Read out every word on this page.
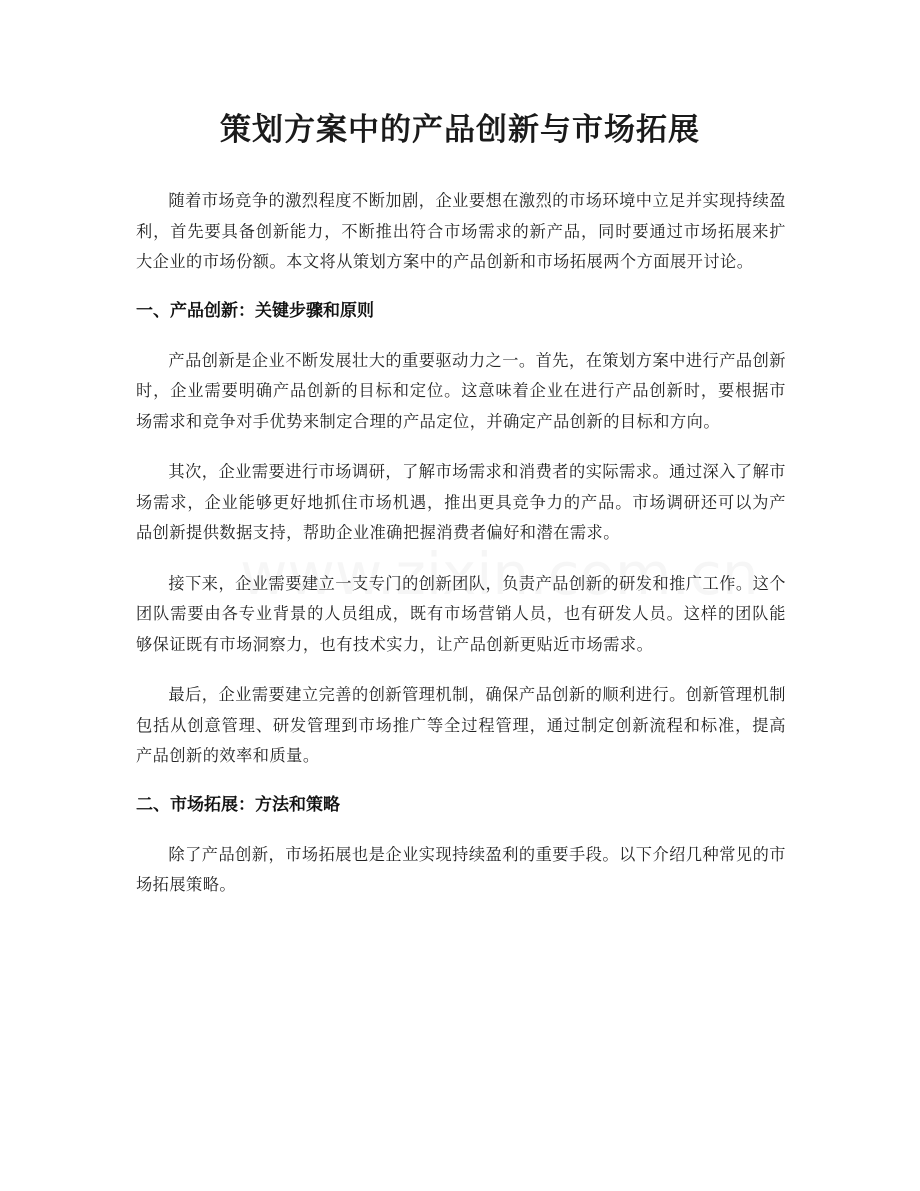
策划方案中的产品创新与市场拓展

随着市场竞争的激烈程度不断加剧，企业要想在激烈的市场环境中立足并实现持续盈利，首先要具备创新能力，不断推出符合市场需求的新产品，同时要通过市场拓展来扩大企业的市场份额。本文将从策划方案中的产品创新和市场拓展两个方面展开讨论。

一、产品创新：关键步骤和原则

产品创新是企业不断发展壮大的重要驱动力之一。首先，在策划方案中进行产品创新时，企业需要明确产品创新的目标和定位。这意味着企业在进行产品创新时，要根据市场需求和竞争对手优势来制定合理的产品定位，并确定产品创新的目标和方向。

其次，企业需要进行市场调研，了解市场需求和消费者的实际需求。通过深入了解市场需求，企业能够更好地抓住市场机遇，推出更具竞争力的产品。市场调研还可以为产品创新提供数据支持，帮助企业准确把握消费者偏好和潜在需求。

接下来，企业需要建立一支专门的创新团队，负责产品创新的研发和推广工作。这个团队需要由各专业背景的人员组成，既有市场营销人员，也有研发人员。这样的团队能够保证既有市场洞察力，也有技术实力，让产品创新更贴近市场需求。

最后，企业需要建立完善的创新管理机制，确保产品创新的顺利进行。创新管理机制包括从创意管理、研发管理到市场推广等全过程管理，通过制定创新流程和标准，提高产品创新的效率和质量。

二、市场拓展：方法和策略

除了产品创新，市场拓展也是企业实现持续盈利的重要手段。以下介绍几种常见的市场拓展策略。
